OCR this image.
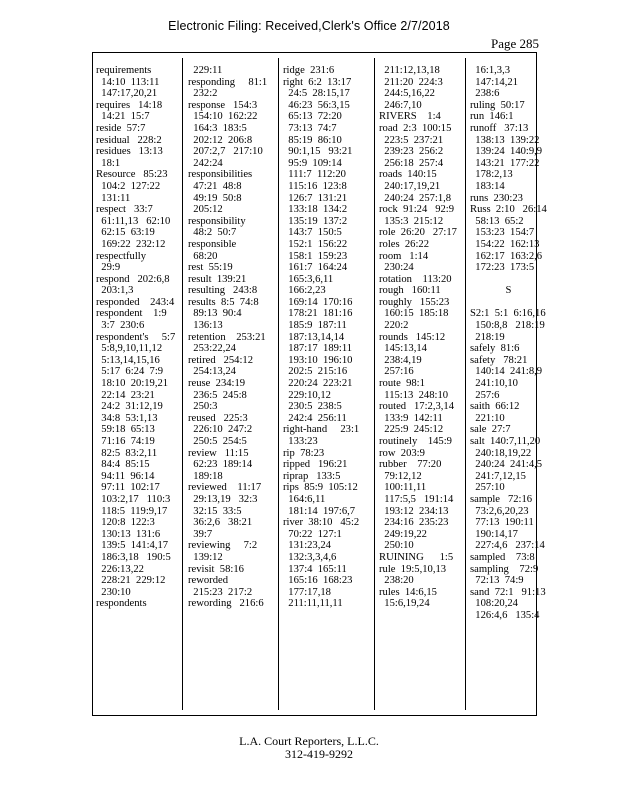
Electronic Filing: Received,Clerk's Office 2/7/2018
Page 285
requirements
14:10  113:11
147:17,20,21
requires   14:18
14:21  15:7
reside  57:7
residual   228:2
residues   13:13
18:1
Resource   85:23
104:2  127:22
131:11
respect   33:7
61:11,13   62:10
62:15  63:19
169:22  232:12
respectfully
29:9
respond   202:6,8
203:1,3
responded    243:4
respondent    1:9
3:7  230:6
respondent's     5:7
5:8,9,10,11,12
5:13,14,15,16
5:17  6:24  7:9
18:10  20:19,21
22:14  23:21
24:2  31:12,19
34:8  53:1,13
59:18  65:13
71:16  74:19
82:5  83:2,11
84:4  85:15
94:11  96:14
97:11  102:17
103:2,17   110:3
118:5  119:9,17
120:8  122:3
130:13  131:6
139:5  141:4,17
186:3,18   190:5
226:13,22
228:21  229:12
230:10
respondents
229:11
responding     81:1
232:2
response   154:3
154:10  162:22
164:3  183:5
202:12  206:8
207:2,7   217:10
242:24
responsibilities
47:21  48:8
49:19  50:8
205:12
responsibility
48:2  50:7
responsible
68:20
rest  55:19
result  139:21
resulting   243:8
results  8:5  74:8
89:13  90:4
136:13
retention    253:21
253:22,24
retired   254:12
254:13,24
reuse  234:19
236:5  245:8
250:3
reused   225:3
226:10  247:2
250:5  254:5
review   11:15
62:23  189:14
189:18
reviewed    11:17
29:13,19   32:3
32:15  33:5
36:2,6   38:21
39:7
reviewing     7:2
139:12
revisit  58:16
reworded
215:23  217:2
rewording   216:6
ridge  231:6
right  6:2  13:17
24:5  28:15,17
46:23  56:3,15
65:13  72:20
73:13  74:7
85:19  86:10
90:1,15   93:21
95:9  109:14
111:7  112:20
115:16  123:8
126:7  131:21
133:18  134:2
135:19  137:2
143:7  150:5
152:1  156:22
158:1  159:23
161:7  164:24
165:3,6,11
166:2,23
169:14  170:16
178:21  181:16
185:9  187:11
187:13,14,14
187:17  189:11
193:10  196:10
202:5  215:16
220:24  223:21
229:10,12
230:5  238:5
242:4  256:11
right-hand     23:1
133:23
rip  78:23
ripped   196:21
riprap   133:5
rips  85:9  105:12
164:6,11
181:14  197:6,7
river  38:10   45:2
70:22  127:1
131:23,24
132:3,3,4,6
137:4  165:11
165:16  168:23
177:17,18
211:11,11,11
211:12,13,18
211:20  224:3
244:5,16,22
246:7,10
RIVERS    1:4
road  2:3  100:15
223:5  237:21
239:23  256:2
256:18  257:4
roads  140:15
240:17,19,21
240:24  257:1,8
rock  91:24   92:9
135:3  215:12
role  26:20   27:17
roles  26:22
room   1:14
230:24
rotation    113:20
rough   160:11
roughly   155:23
160:15  185:18
220:2
rounds   145:12
145:13,14
238:4,19
257:16
route  98:1
115:13  248:10
routed   17:2,3,14
133:9  142:11
225:9  245:12
routinely    145:9
row  203:9
rubber    77:20
79:12,12
100:11,11
117:5,5   191:14
193:12  234:13
234:16  235:23
249:19,22
250:10
RUINING      1:5
rule  19:5,10,13
238:20
rules  14:6,15
15:6,19,24
16:1,3,3
147:14,21
238:6
ruling  50:17
run  146:1
runoff   37:13
138:13  139:22
139:24  140:9,9
143:21  177:22
178:2,13
183:14
runs  230:23
Russ  2:10   26:14
58:13  65:2
153:23  154:7
154:22  162:13
162:17  163:2,6
172:23  173:5
S
S2:1  5:1  6:16,16
150:8,8   218:19
218:19
safely  81:6
safety   78:21
140:14  241:8,9
241:10,10
257:6
saith  66:12
221:10
sale  27:7
salt  140:7,11,20
240:18,19,22
240:24  241:4,5
241:7,12,15
257:10
sample   72:16
73:2,6,20,23
77:13  190:11
190:14,17
227:4,6   237:14
sampled    73:8
sampling    72:9
72:13  74:9
sand  72:1   91:13
108:20,24
126:4,6   135:4
L.A. Court Reporters, L.L.C.
312-419-9292
